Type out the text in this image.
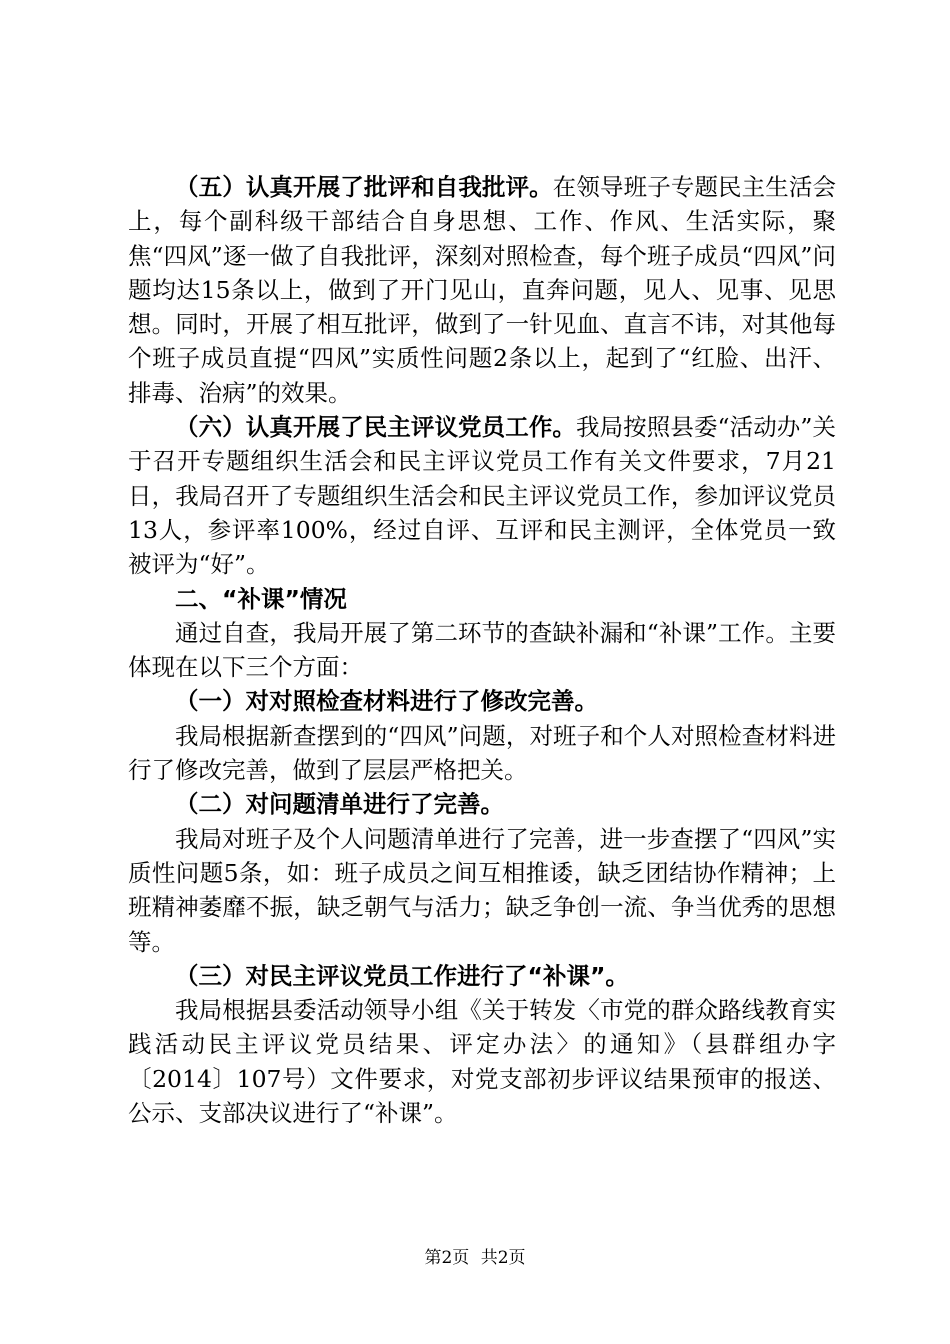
（五）认真开展了批评和自我批评。在领导班子专题民主生活会上，每个副科级干部结合自身思想、工作、作风、生活实际，聚焦“四风”逐一做了自我批评，深刻对照检查，每个班子成员“四风”问题均达15条以上，做到了开门见山，直奔问题，见人、见事、见思想。同时，开展了相互批评，做到了一针见血、直言不讳，对其他每个班子成员直提“四风”实质性问题2条以上，起到了“红脸、出汗、排毒、治病”的效果。

（六）认真开展了民主评议党员工作。我局按照县委“活动办”关于召开专题组织生活会和民主评议党员工作有关文件要求，7月21日，我局召开了专题组织生活会和民主评议党员工作，参加评议党员13人，参评率100%，经过自评、互评和民主测评，全体党员一致被评为“好”。

二、“补课”情况

通过自查，我局开展了第二环节的查缺补漏和“补课”工作。主要体现在以下三个方面：

（一）对对照检查材料进行了修改完善。

我局根据新查摆到的“四风”问题，对班子和个人对照检查材料进行了修改完善，做到了层层严格把关。

（二）对问题清单进行了完善。

我局对班子及个人问题清单进行了完善，进一步查摆了“四风”实质性问题5条，如：班子成员之间互相推诿，缺乏团结协作精神；上班精神萎靡不振，缺乏朝气与活力；缺乏争创一流、争当优秀的思想等。

（三）对民主评议党员工作进行了“补课”。

我局根据县委活动领导小组《关于转发〈市党的群众路线教育实践活动民主评议党员结果、评定办法〉的通知》（县群组办字〔2014〕107号）文件要求，对党支部初步评议结果预审的报送、公示、支部决议进行了“补课”。

第2页 共2页
